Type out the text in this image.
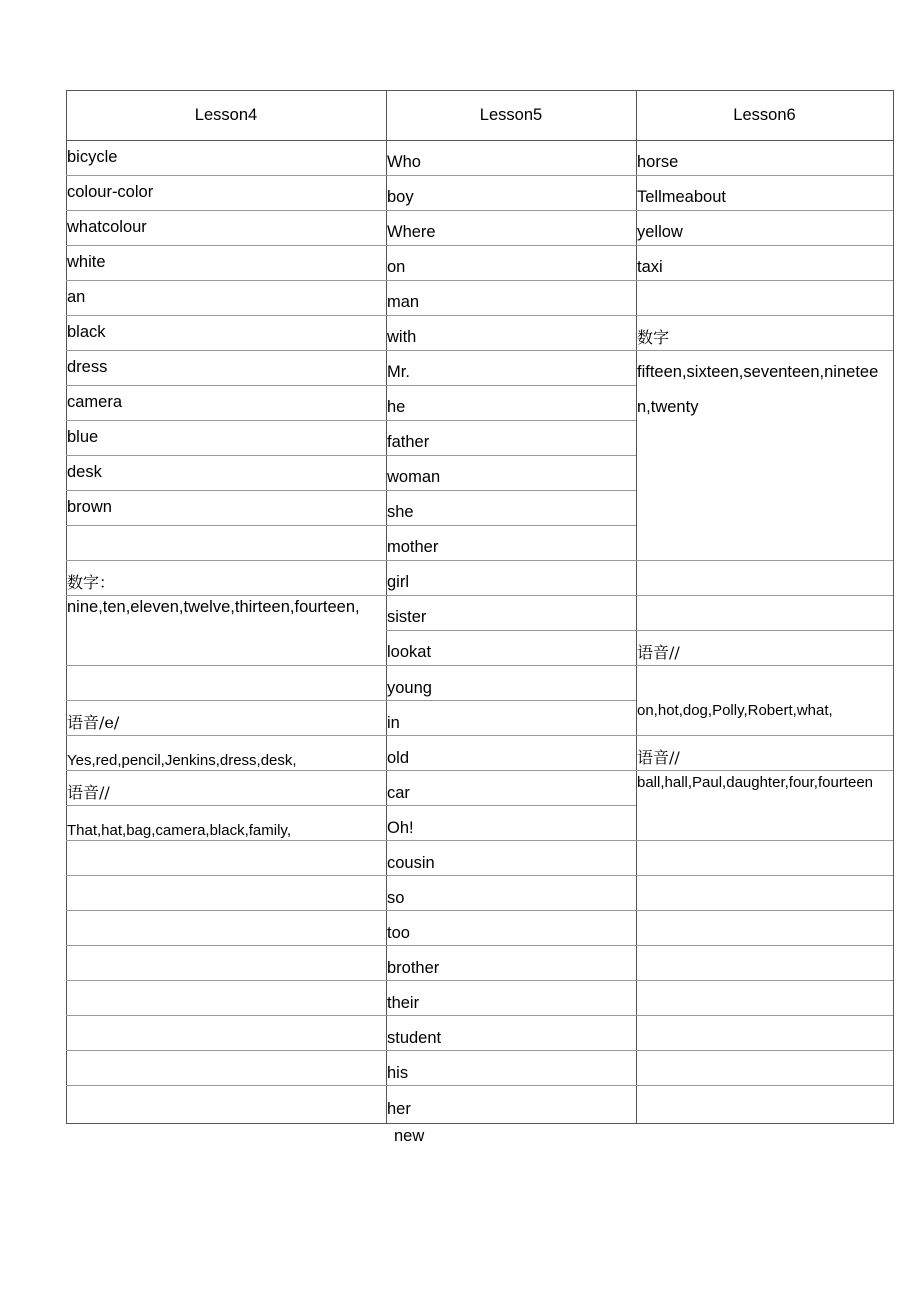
Lesson4
bicycle
colour-color
whatcolour
white
an
black
dress
camera
blue
desk
brown
数字：
nine,ten,eleven,twelve,thirteen,fourteen,
语音/e/
Yes,red,pencil,Jenkins,dress,desk,
语音//
That,hat,bag,camera,black,family,
Lesson5
Who
boy
Where
on
man
with
Mr.
he
father
woman
she
mother
girl
sister
lookat
young
in
old
car
Oh!
cousin
so
too
brother
their
student
his
her
Lesson6
horse
Tellmeabout
yellow
taxi
数字
fifteen,sixteen,seventeen,nineteen,twenty
语音//
on,hot,dog,Polly,Robert,what,
语音//
ball,hall,Paul,daughter,four,fourteen
new
